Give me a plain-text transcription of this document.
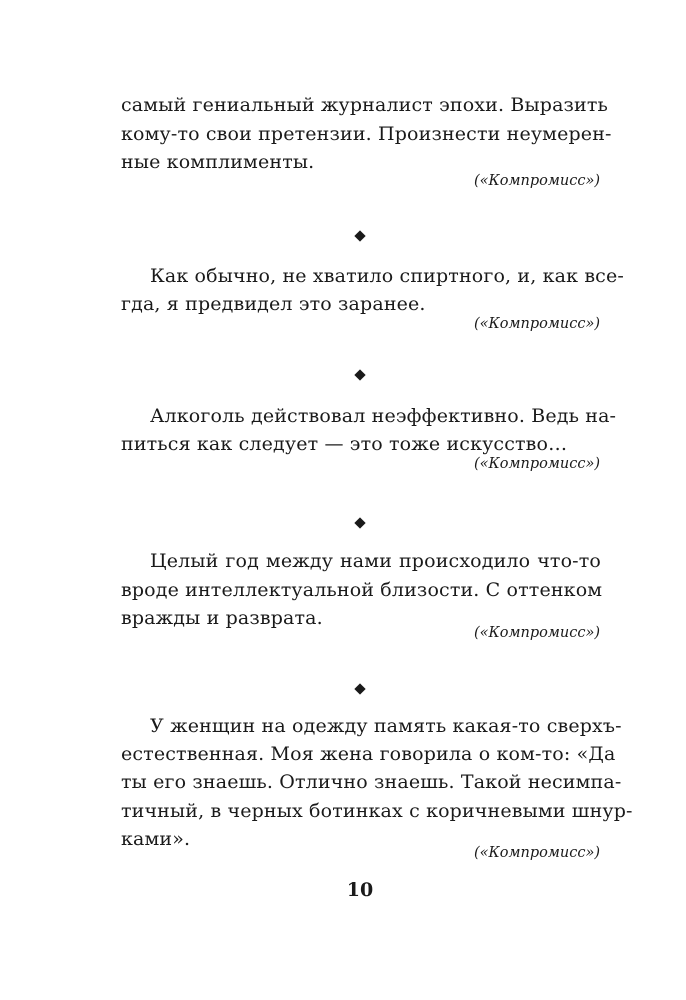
самый гениальный журналист эпохи. Выразить
кому-то свои претензии. Произнести неумерен-
ные комплименты.
(«Компромисс»)
Как обычно, не хватило спиртного, и, как все-
гда, я предвидел это заранее.
(«Компромисс»)
Алкоголь действовал неэффективно. Ведь на-
питься как следует — это тоже искусство…
(«Компромисс»)
Целый год между нами происходило что-то
вроде интеллектуальной близости. С оттенком
вражды и разврата.
(«Компромисс»)
У женщин на одежду память какая-то сверхъ-
естественная. Моя жена говорила о ком-то: «Да
ты его знаешь. Отлично знаешь. Такой несимпа-
тичный, в черных ботинках с коричневыми шнур-
ками».
(«Компромисс»)
10
